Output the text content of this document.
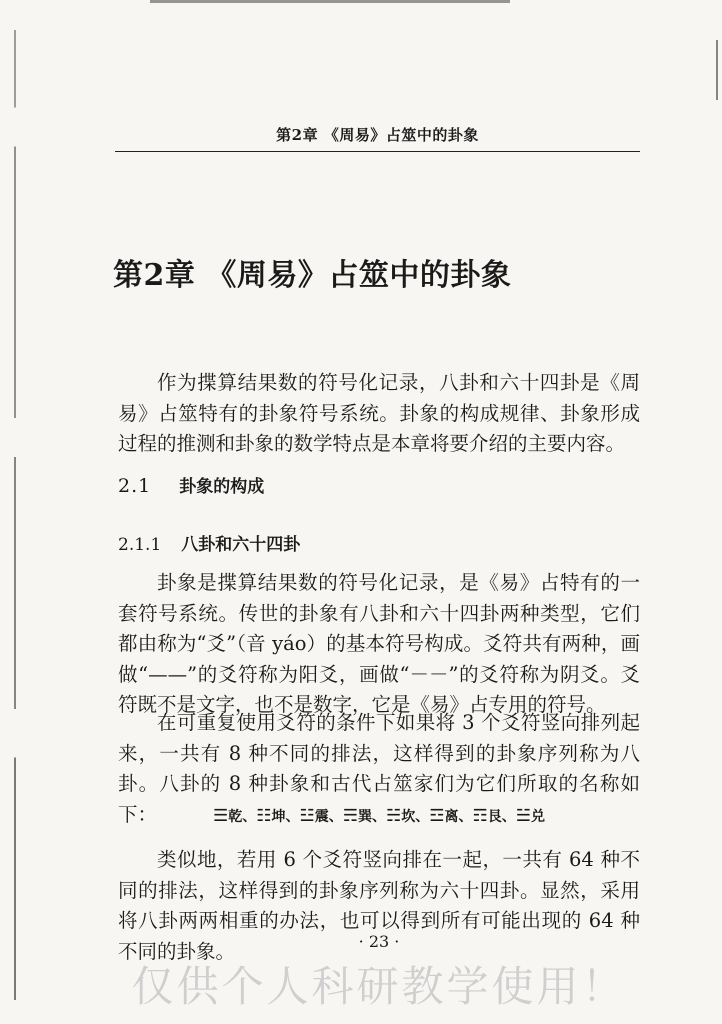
第2章 《周易》占筮中的卦象
第2章 《周易》占筮中的卦象

作为揲算结果数的符号化记录，八卦和六十四卦是《周易》占筮特有的卦象符号系统。卦象的构成规律、卦象形成过程的推测和卦象的数学特点是本章将要介绍的主要内容。

2.1 卦象的构成
2.1.1 八卦和六十四卦

卦象是揲算结果数的符号化记录，是《易》占特有的一套符号系统。传世的卦象有八卦和六十四卦两种类型，它们都由称为“爻”（音 yáo）的基本符号构成。爻符共有两种，画做“——”的爻符称为阳爻，画做“－－”的爻符称为阴爻。爻符既不是文字，也不是数字，它是《易》占专用的符号。

在可重复使用爻符的条件下如果将 3 个爻符竖向排列起来，一共有 8 种不同的排法，这样得到的卦象序列称为八卦。八卦的 8 种卦象和古代占筮家们为它们所取的名称如下：	☰乾、☷坤、☳震、☴巽、☵坎、☲离、☶艮、☱兑

类似地，若用 6 个爻符竖向排在一起，一共有 64 种不同的排法，这样得到的卦象序列称为六十四卦。显然，采用将八卦两两相重的办法，也可以得到所有可能出现的 64 种不同的卦象。	· 23 ·
仅供个人科研教学使用！
